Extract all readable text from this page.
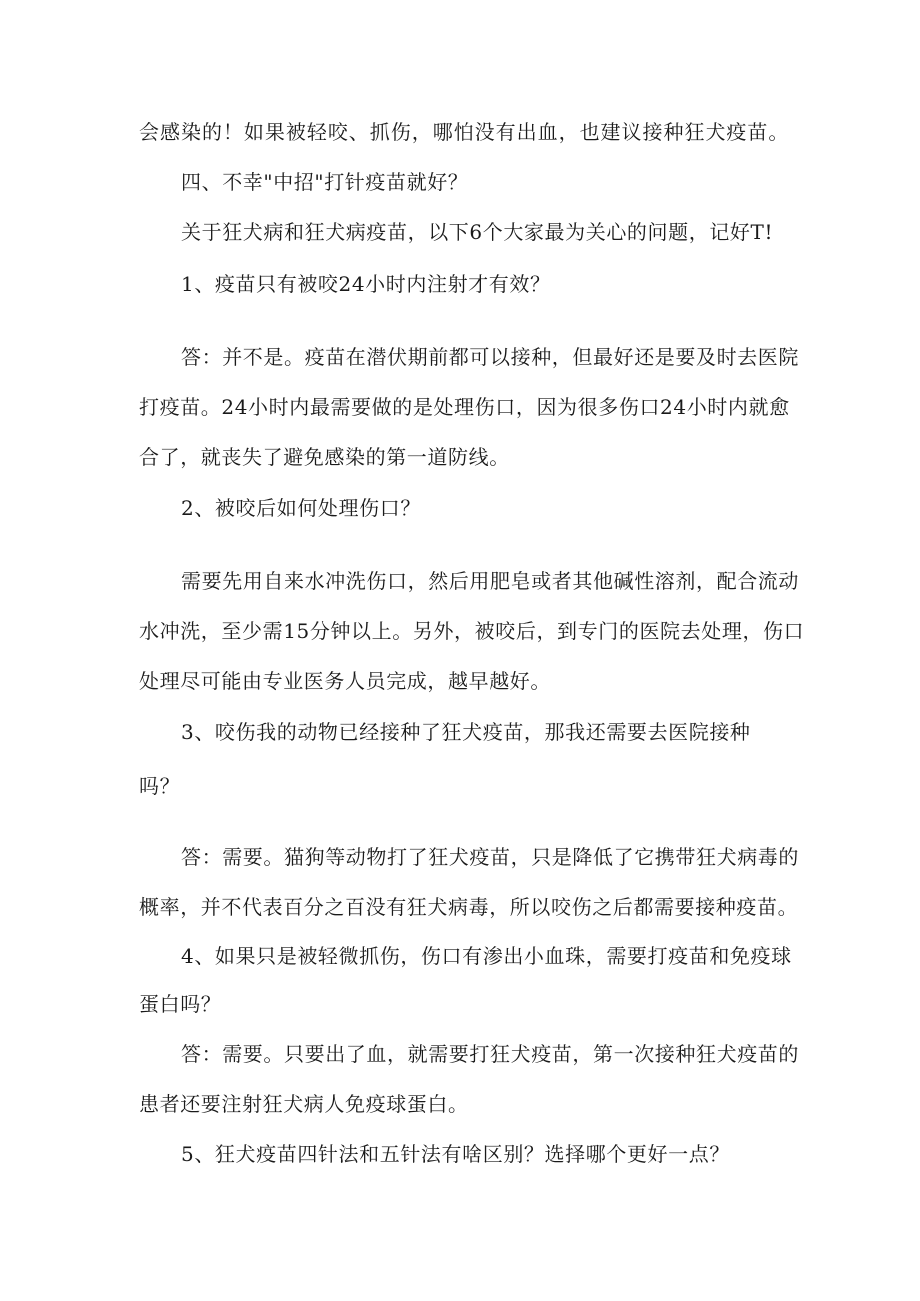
会感染的！如果被轻咬、抓伤，哪怕没有出血，也建议接种狂犬疫苗。
四、不幸"中招"打针疫苗就好？
关于狂犬病和狂犬病疫苗，以下6个大家最为关心的问题，记好T!
1、疫苗只有被咬24小时内注射才有效？
答：并不是。疫苗在潜伏期前都可以接种，但最好还是要及时去医院
打疫苗。24小时内最需要做的是处理伤口，因为很多伤口24小时内就愈
合了，就丧失了避免感染的第一道防线。
2、被咬后如何处理伤口？
需要先用自来水冲洗伤口，然后用肥皂或者其他碱性溶剂，配合流动
水冲洗，至少需15分钟以上。另外，被咬后，到专门的医院去处理，伤口
处理尽可能由专业医务人员完成，越早越好。
3、咬伤我的动物已经接种了狂犬疫苗，那我还需要去医院接种
吗？
答：需要。猫狗等动物打了狂犬疫苗，只是降低了它携带狂犬病毒的
概率，并不代表百分之百没有狂犬病毒，所以咬伤之后都需要接种疫苗。
4、如果只是被轻微抓伤，伤口有渗出小血珠，需要打疫苗和免疫球
蛋白吗？
答：需要。只要出了血，就需要打狂犬疫苗，第一次接种狂犬疫苗的
患者还要注射狂犬病人免疫球蛋白。
5、狂犬疫苗四针法和五针法有啥区别？选择哪个更好一点？
